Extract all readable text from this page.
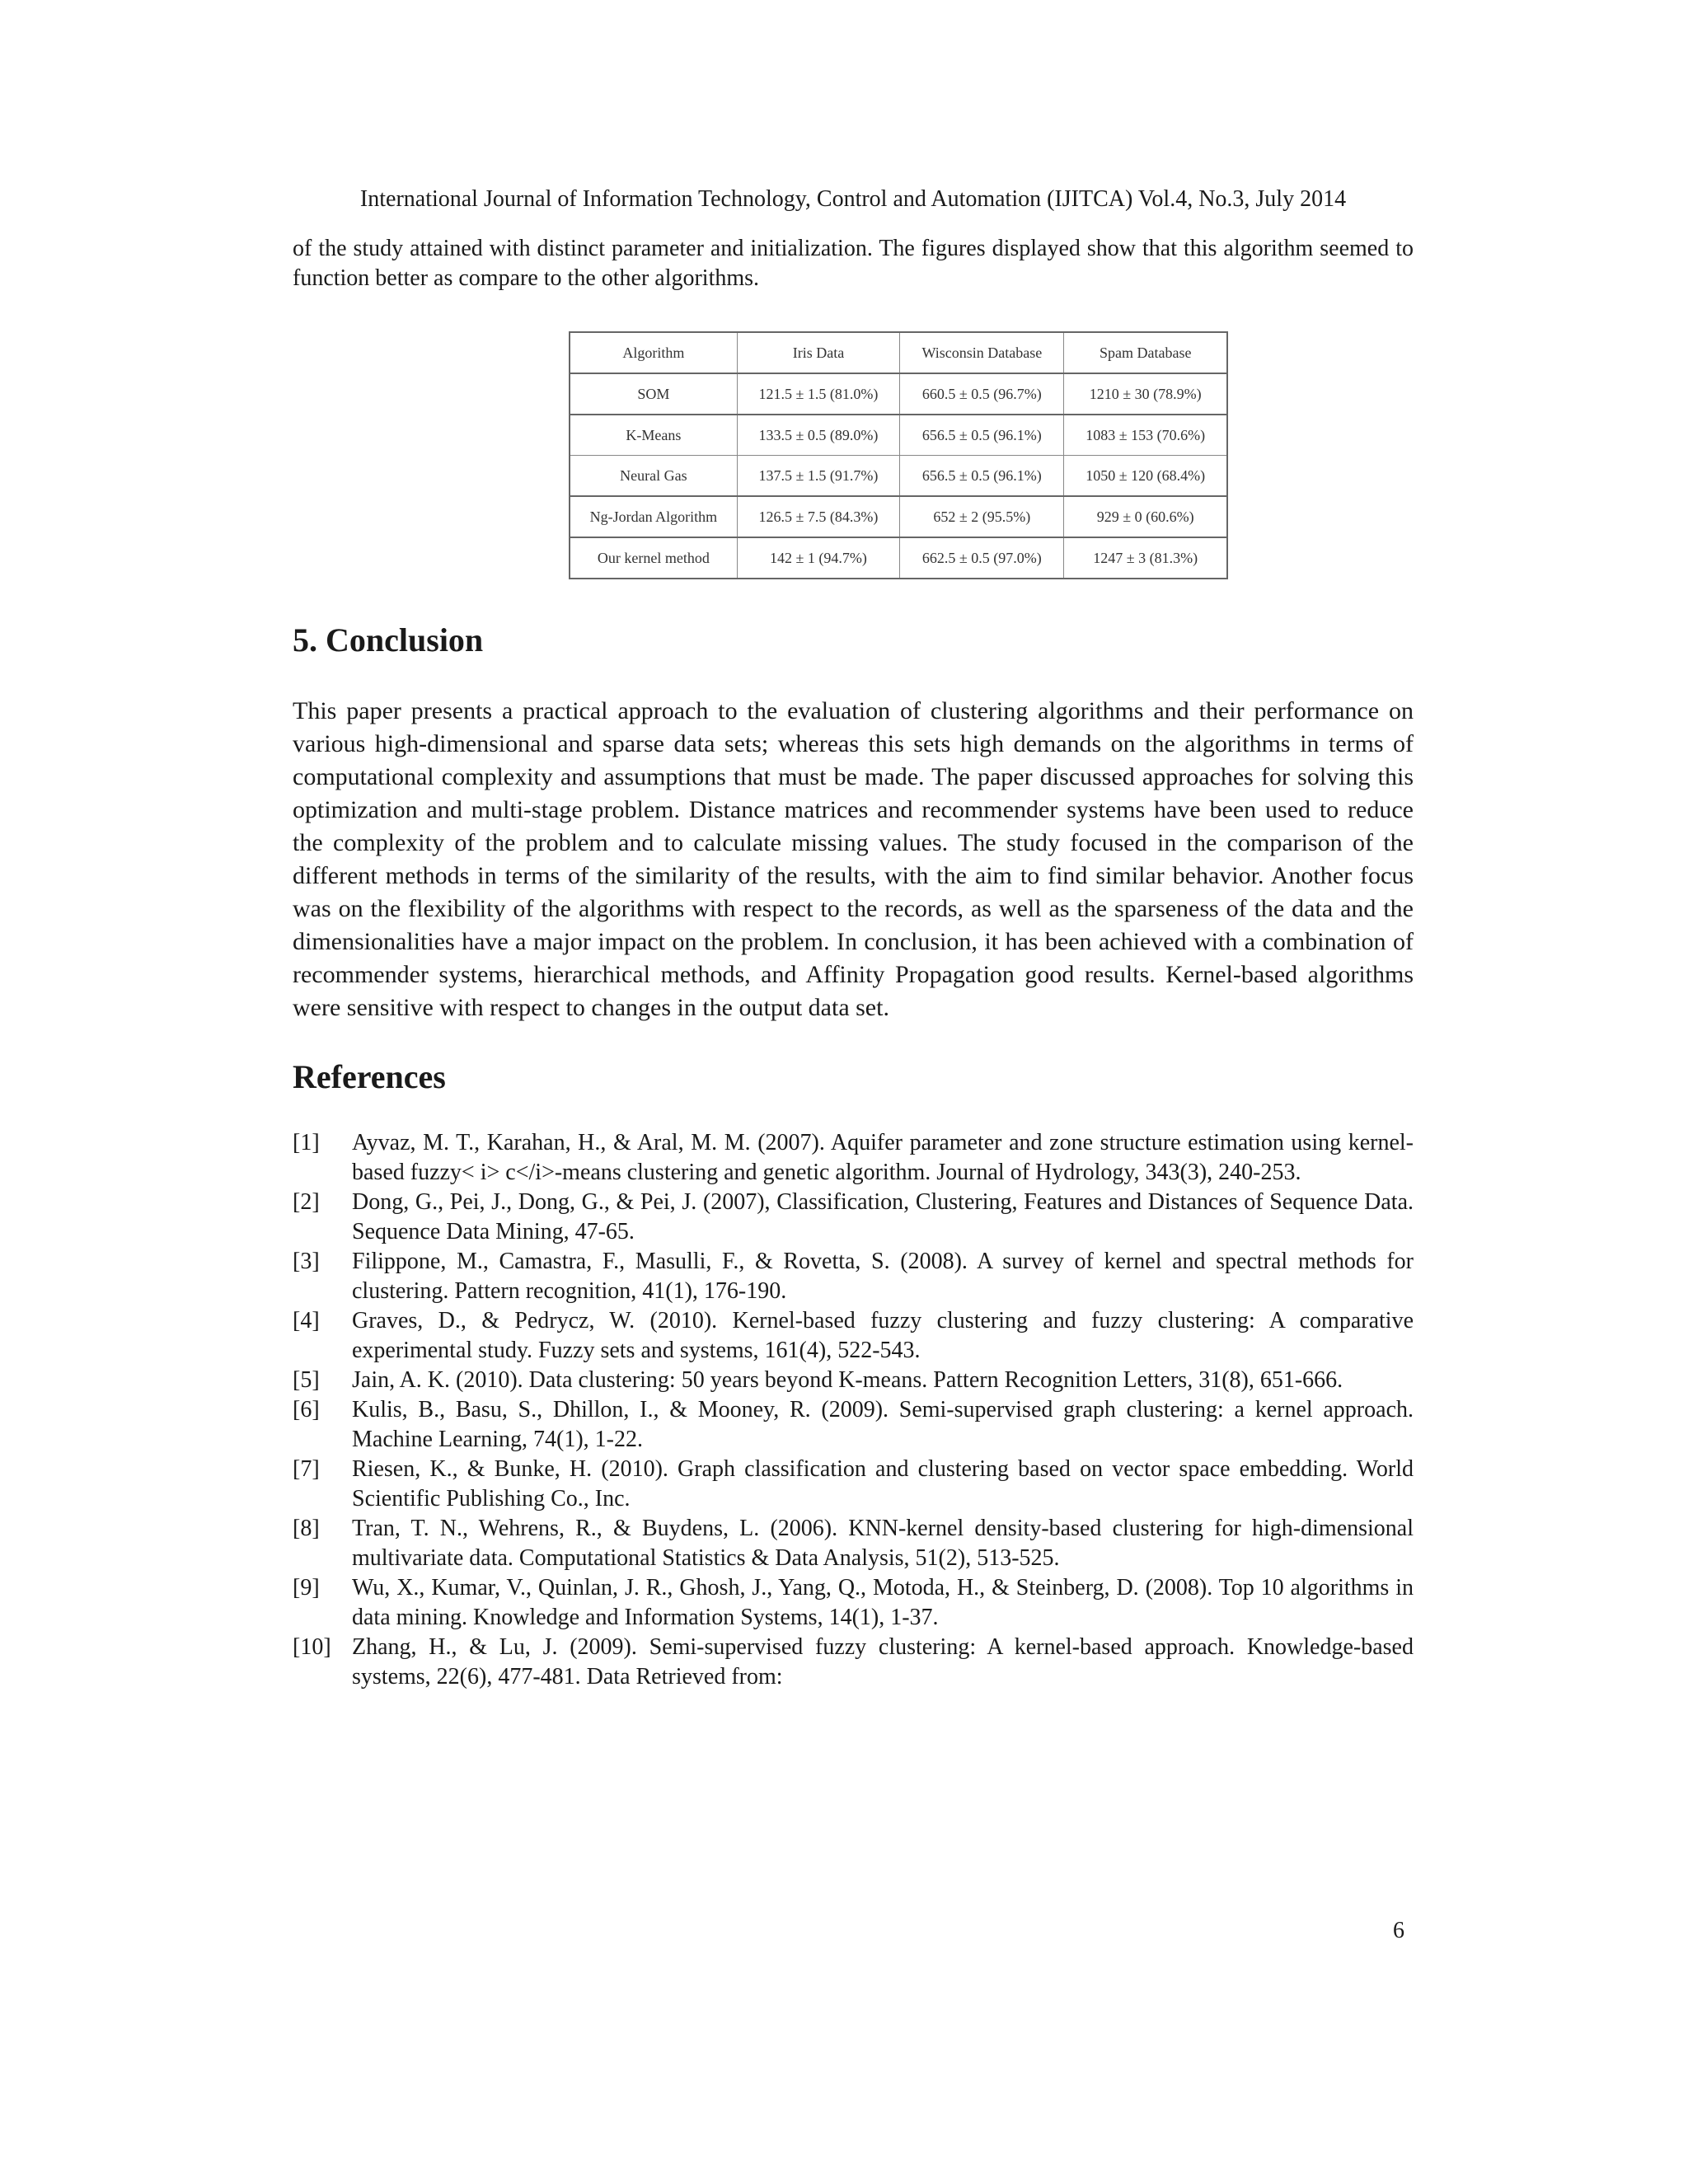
International Journal of Information Technology, Control and Automation (IJITCA) Vol.4, No.3, July 2014

of the study attained with distinct parameter and initialization. The figures displayed show that this algorithm seemed to function better as compare to the other algorithms.

Algorithm	Iris Data	Wisconsin Database	Spam Database
SOM	121.5 ± 1.5 (81.0%)	660.5 ± 0.5 (96.7%)	1210 ± 30 (78.9%)
K-Means	133.5 ± 0.5 (89.0%)	656.5 ± 0.5 (96.1%)	1083 ± 153 (70.6%)
Neural Gas	137.5 ± 1.5 (91.7%)	656.5 ± 0.5 (96.1%)	1050 ± 120 (68.4%)
Ng-Jordan Algorithm	126.5 ± 7.5 (84.3%)	652 ± 2 (95.5%)	929 ± 0 (60.6%)
Our kernel method	142 ± 1 (94.7%)	662.5 ± 0.5 (97.0%)	1247 ± 3 (81.3%)
5. Conclusion

This paper presents a practical approach to the evaluation of clustering algorithms and their performance on various high-dimensional and sparse data sets; whereas this sets high demands on the algorithms in terms of computational complexity and assumptions that must be made. The paper discussed approaches for solving this optimization and multi-stage problem. Distance matrices and recommender systems have been used to reduce the complexity of the problem and to calculate missing values. The study focused in the comparison of the different methods in terms of the similarity of the results, with the aim to find similar behavior. Another focus was on the flexibility of the algorithms with respect to the records, as well as the sparseness of the data and the dimensionalities have a major impact on the problem. In conclusion, it has been achieved with a combination of recommender systems, hierarchical methods, and Affinity Propagation good results. Kernel-based algorithms were sensitive with respect to changes in the output data set.

References
[1]	Ayvaz, M. T., Karahan, H., & Aral, M. M. (2007). Aquifer parameter and zone structure estimation using kernel-based fuzzy< i> c</i>-means clustering and genetic algorithm. Journal of Hydrology, 343(3), 240-253.
[2]	Dong, G., Pei, J., Dong, G., & Pei, J. (2007), Classification, Clustering, Features and Distances of Sequence Data. Sequence Data Mining, 47-65.
[3]	Filippone, M., Camastra, F., Masulli, F., & Rovetta, S. (2008). A survey of kernel and spectral methods for clustering. Pattern recognition, 41(1), 176-190.
[4]	Graves, D., & Pedrycz, W. (2010). Kernel-based fuzzy clustering and fuzzy clustering: A comparative experimental study. Fuzzy sets and systems, 161(4), 522-543.
[5]	Jain, A. K. (2010). Data clustering: 50 years beyond K-means. Pattern Recognition Letters, 31(8), 651-666.
[6]	Kulis, B., Basu, S., Dhillon, I., & Mooney, R. (2009). Semi-supervised graph clustering: a kernel approach. Machine Learning, 74(1), 1-22.
[7]	Riesen, K., & Bunke, H. (2010). Graph classification and clustering based on vector space embedding. World Scientific Publishing Co., Inc.
[8]	Tran, T. N., Wehrens, R., & Buydens, L. (2006). KNN-kernel density-based clustering for high-dimensional multivariate data. Computational Statistics & Data Analysis, 51(2), 513-525.
[9]	Wu, X., Kumar, V., Quinlan, J. R., Ghosh, J., Yang, Q., Motoda, H., & Steinberg, D. (2008). Top 10 algorithms in data mining. Knowledge and Information Systems, 14(1), 1-37.
[10] Zhang, H., & Lu, J. (2009). Semi-supervised fuzzy clustering: A kernel-based approach. Knowledge-based systems, 22(6), 477-481. Data Retrieved from:
6
